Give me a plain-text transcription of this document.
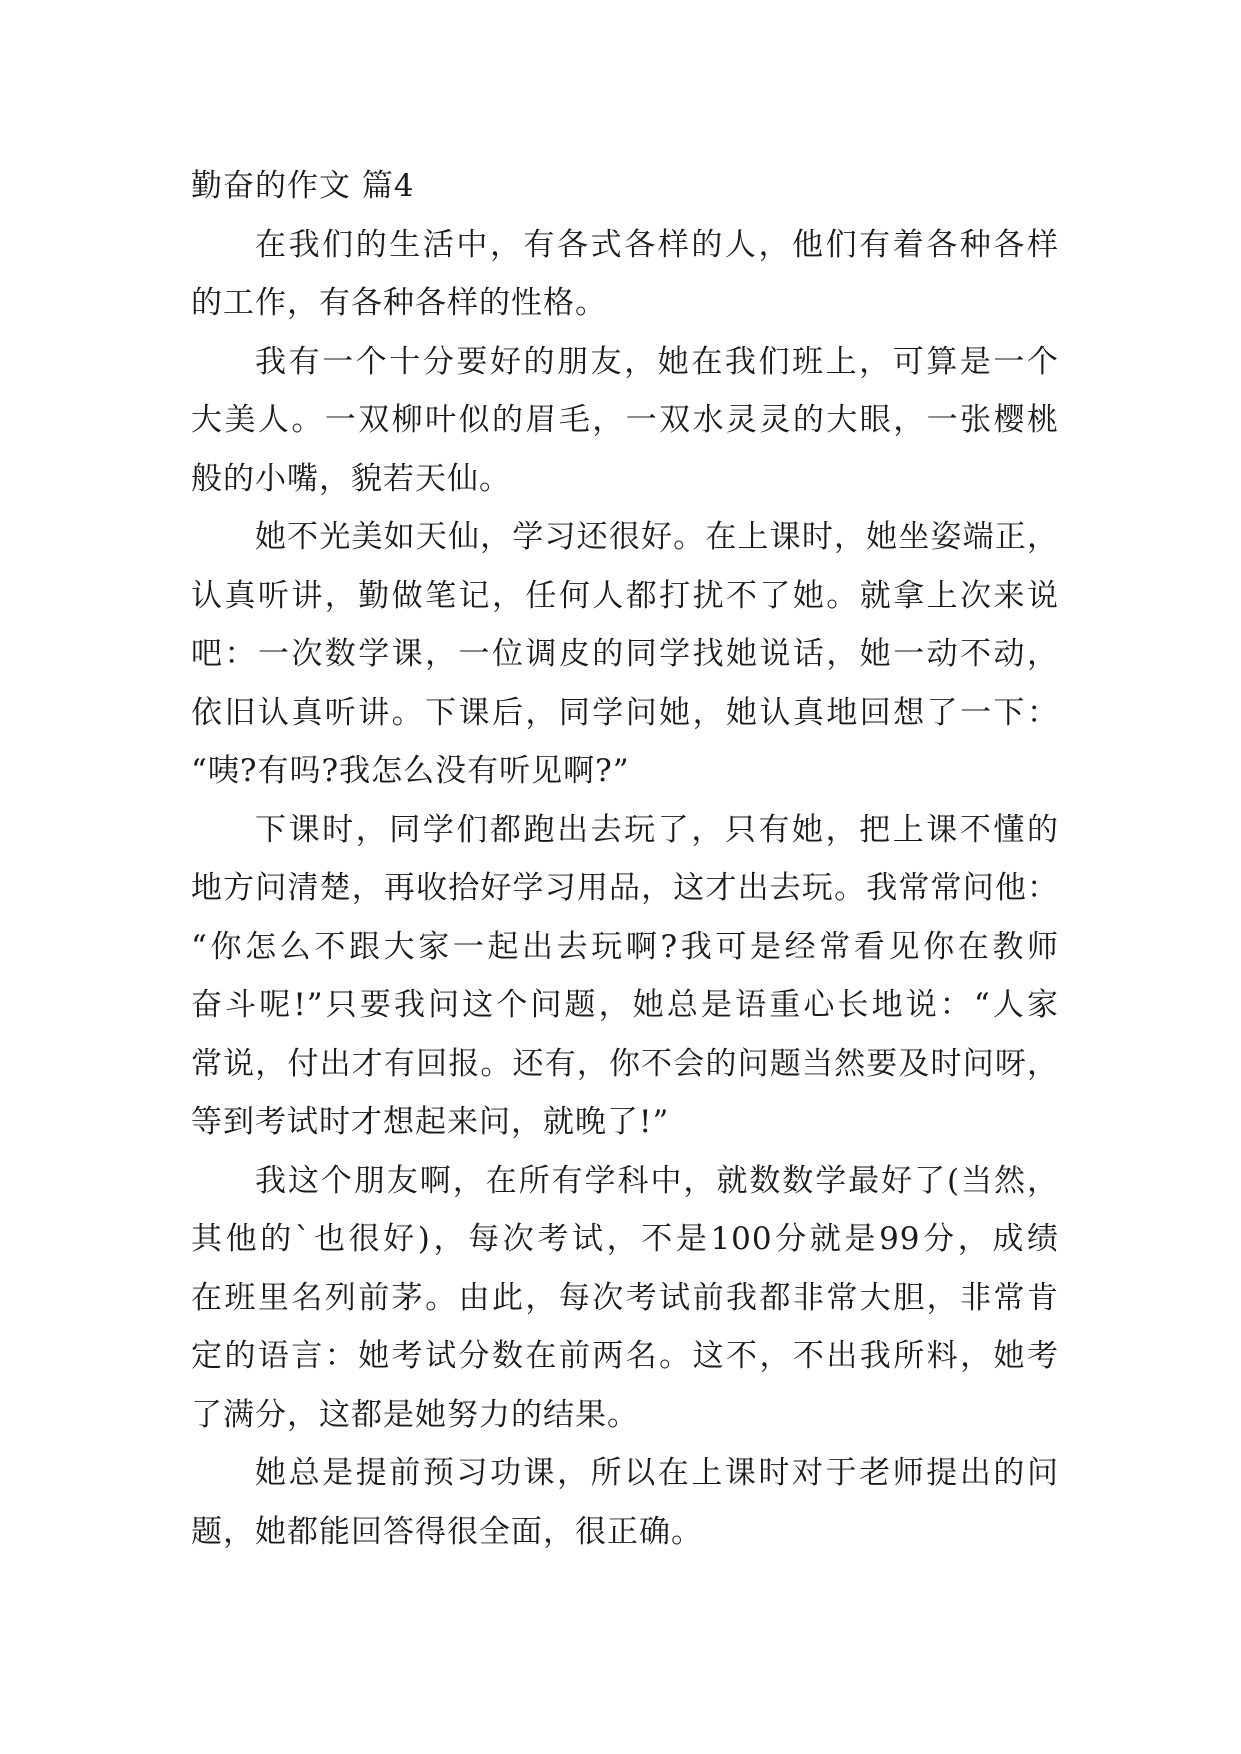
勤奋的作文 篇4
在我们的生活中，有各式各样的人，他们有着各种各样
的工作，有各种各样的性格。
我有一个十分要好的朋友，她在我们班上，可算是一个
大美人。一双柳叶似的眉毛，一双水灵灵的大眼，一张樱桃
般的小嘴，貌若天仙。
她不光美如天仙，学习还很好。在上课时，她坐姿端正，
认真听讲，勤做笔记，任何人都打扰不了她。就拿上次来说
吧：一次数学课，一位调皮的同学找她说话，她一动不动，
依旧认真听讲。下课后，同学问她，她认真地回想了一下：
“咦?有吗?我怎么没有听见啊?”
下课时，同学们都跑出去玩了，只有她，把上课不懂的
地方问清楚，再收拾好学习用品，这才出去玩。我常常问他：
“你怎么不跟大家一起出去玩啊?我可是经常看见你在教师
奋斗呢!”只要我问这个问题，她总是语重心长地说：“人家
常说，付出才有回报。还有，你不会的问题当然要及时问呀，
等到考试时才想起来问，就晚了!”
我这个朋友啊，在所有学科中，就数数学最好了(当然，
其他的`也很好)，每次考试，不是100分就是99分，成绩
在班里名列前茅。由此，每次考试前我都非常大胆，非常肯
定的语言：她考试分数在前两名。这不，不出我所料，她考
了满分，这都是她努力的结果。
她总是提前预习功课，所以在上课时对于老师提出的问
题，她都能回答得很全面，很正确。
